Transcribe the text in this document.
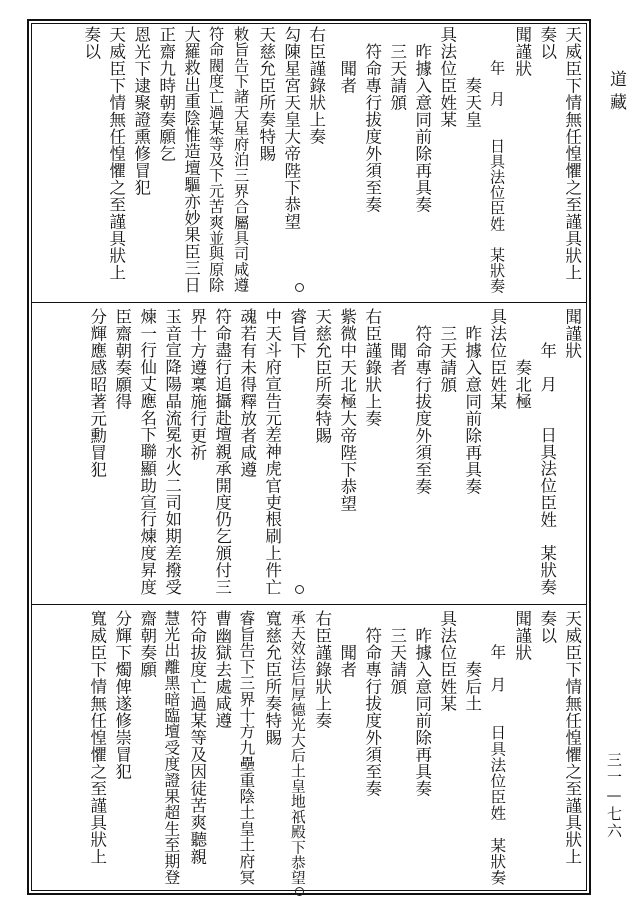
天威臣下情無任惶懼之至謹具狀上
奏以
聞謹狀
年　月　　日具法位臣姓　某狀奏
奏天皇
具法位臣姓某
昨據入意同前除再具奏
三天請頒
符命專行拔度外須至奏
聞者
右臣謹錄狀上奏
勾陳星宮天皇大帝陛下恭望
天慈允臣所奏特賜
敕旨告下諸天星府泊三界合屬具司咸遵
符命閥度亡過某等及下元苦爽並與原除
大羅救出重陰惟造壇驅亦妙果臣三日
正齋九時朝奏願乞
恩光下逮聚證熏修冒犯
天威臣下情無任惶懼之至謹具狀上
奏以
聞謹狀
年　月　　日具法位臣姓　某狀奏
奏北極
具法位臣姓某
昨據入意同前除再具奏
三天請頒
符命專行拔度外須至奏
聞者
右臣謹錄狀上奏
紫微中天北極大帝陛下恭望
天慈允臣所奏特賜
睿旨下
中天斗府宣告元差神虎官吏根刷上件亡
魂若有未得釋放者咸遵
符命盡行追攝赴壇親承開度仍乞頒付三
界十方遵稟施行更祈
玉音宣降陽晶流冕水火二司如期差撥受
煉一行仙丈應名下聯顯助宣行煉度昇度
臣齋朝奏願得
分輝應感昭著元勳冒犯
天威臣下情無任惶懼之至謹具狀上
奏以
聞謹狀
年　月　　日具法位臣姓　某狀奏
奏后土
具法位臣姓某
昨據入意同前除再具奏
三天請頒
符命專行拔度外須至奏
聞者
右臣謹錄狀上奏
承天效法后厚德光大后土皇地祇殿下恭望
寬慈允臣所奏特賜
睿旨告下三界十方九壘重陰土皇土府冥
曹幽獄去處咸遵
符命拔度亡過某等及因徒苦爽聽親
慧光出離黑暗臨壇受度證果超生至期登
齋朝奏願
分輝下燭俾遂修崇冒犯
寬威臣下情無任惶懼之至謹具狀上
道藏
三一—七六
